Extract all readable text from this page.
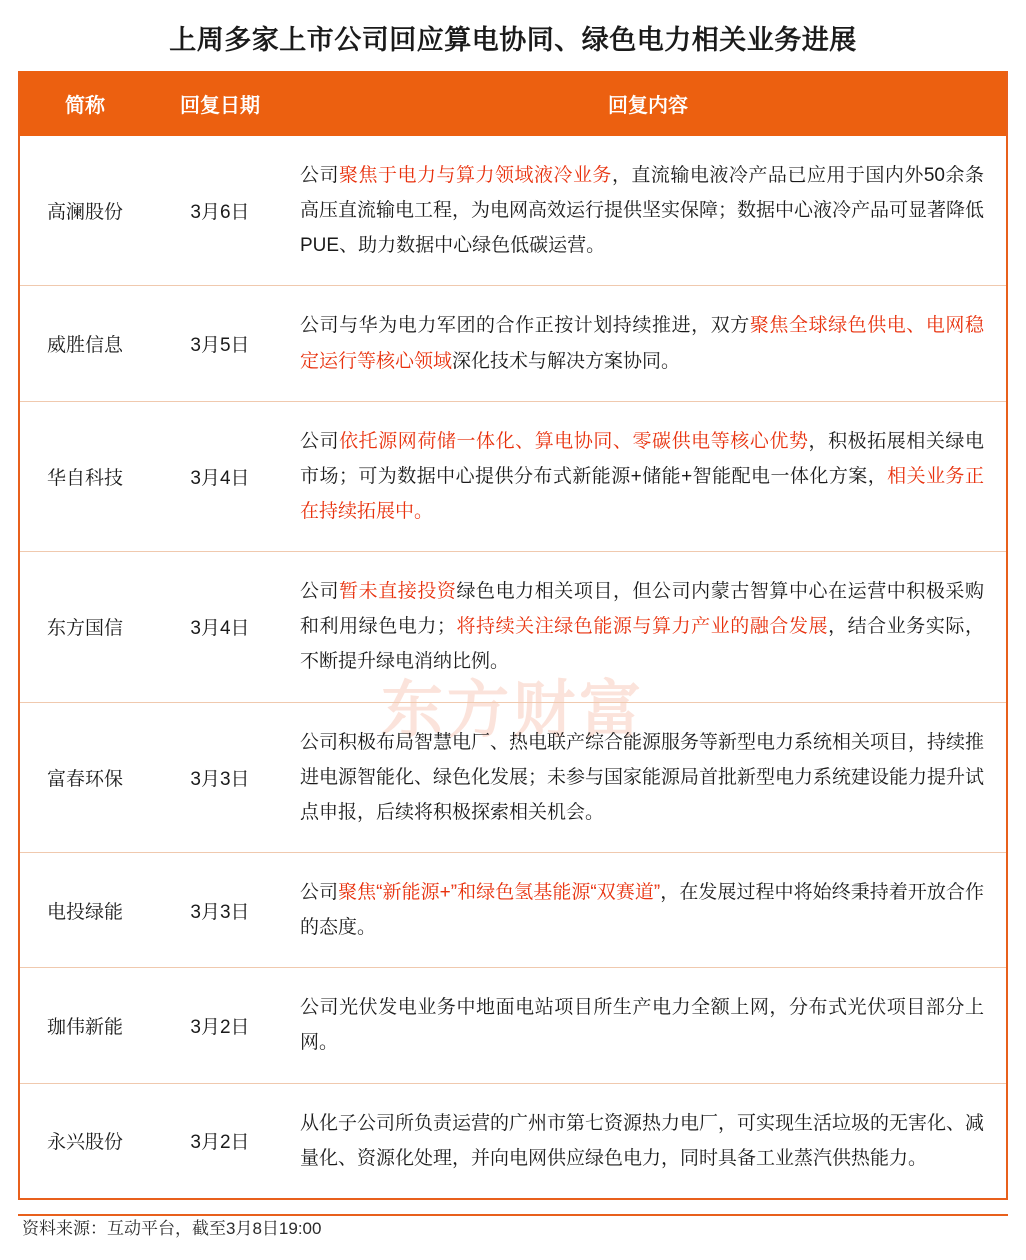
上周多家上市公司回应算电协同、绿色电力相关业务进展
东方财富
简称	回复日期	回复内容
高澜股份	3月6日	公司聚焦于电力与算力领域液冷业务，直流输电液冷产品已应用于国内外50余条高压直流输电工程，为电网高效运行提供坚实保障；数据中心液冷产品可显著降低PUE、助力数据中心绿色低碳运营。
威胜信息	3月5日	公司与华为电力军团的合作正按计划持续推进，双方聚焦全球绿色供电、电网稳定运行等核心领域深化技术与解决方案协同。
华自科技	3月4日	公司依托源网荷储一体化、算电协同、零碳供电等核心优势，积极拓展相关绿电市场；可为数据中心提供分布式新能源+储能+智能配电一体化方案，相关业务正在持续拓展中。
东方国信	3月4日	公司暂未直接投资绿色电力相关项目，但公司内蒙古智算中心在运营中积极采购和利用绿色电力；将持续关注绿色能源与算力产业的融合发展，结合业务实际，不断提升绿电消纳比例。
富春环保	3月3日	公司积极布局智慧电厂、热电联产综合能源服务等新型电力系统相关项目，持续推进电源智能化、绿色化发展；未参与国家能源局首批新型电力系统建设能力提升试点申报，后续将积极探索相关机会。
电投绿能	3月3日	公司聚焦“新能源+”和绿色氢基能源“双赛道”，在发展过程中将始终秉持着开放合作的态度。
珈伟新能	3月2日	公司光伏发电业务中地面电站项目所生产电力全额上网，分布式光伏项目部分上网。
永兴股份	3月2日	从化子公司所负责运营的广州市第七资源热力电厂，可实现生活垃圾的无害化、减量化、资源化处理，并向电网供应绿色电力，同时具备工业蒸汽供热能力。
资料来源：互动平台，截至3月8日19:00
